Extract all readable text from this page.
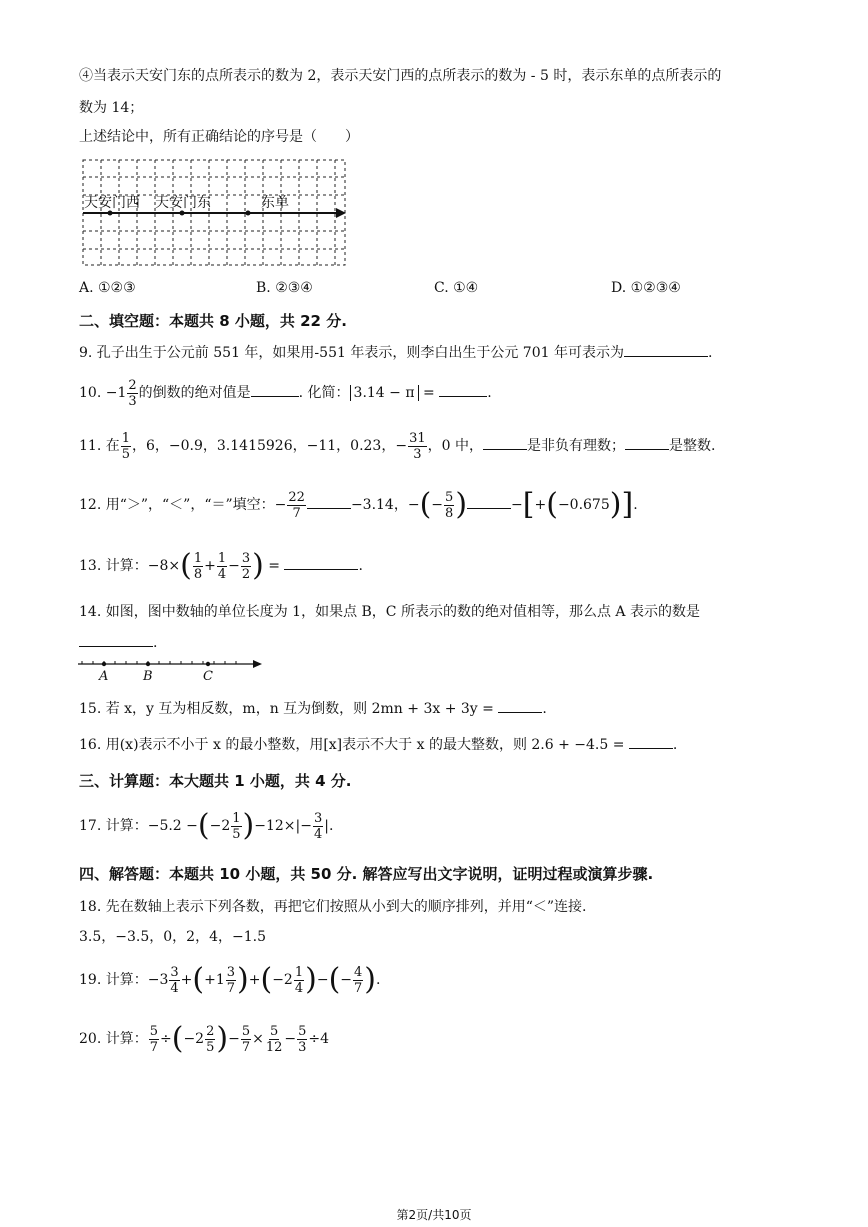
④当表示天安门东的点所表示的数为 2，表示天安门西的点所表示的数为 - 5 时，表示东单的点所表示的
数为 14；
上述结论中，所有正确结论的序号是（　　）
天安门西 天安门东	东单
A. ①②③	B. ②③④	C. ①④	D. ①②③④
二、填空题：本题共 8 小题，共 22 分.
9. 孔子出生于公元前 551 年，如果用-551 年表示，则李白出生于公元 701 年可表示为	.
10. $-1 \frac{2}{3}$ 的倒数的绝对值是	. 化简： 3.14 − π =	.
11. 在 $\frac{1}{5}$ ，6，−0.9，3.1415926，−11，0.23，− $\frac{31}{3}$ ，0 中，	是非负有理数；	是整数.
12. 用“＞”，“＜”，“＝”填空：− $\frac{22}{7}$	−3.14，−(− $\frac{5}{8}$ )	−[+(−0.675)].
13. 计算：$-8\times( \frac{1}{8} + \frac{1}{4} - \frac{3}{2}$ ) =	.
14. 如图，图中数轴的单位长度为 1，如果点 B，C 所表示的数的绝对值相等，那么点 A 表示的数是
.
A	B	C
15. 若 x，y 互为相反数，m，n 互为倒数，则 2mn + 3x + 3y =	.
16. 用(x)表示不小于 x 的最小整数，用[x]表示不大于 x 的最大整数，则 2.6 + −4.5 =	.
三、计算题：本大题共 1 小题，共 4 分.
17. 计算：$-5.2 -(-2 \frac{1}{5} )-12\times|- \frac{3}{4}$ |.
四、解答题：本题共 10 小题，共 50 分. 解答应写出文字说明，证明过程或演算步骤.
18. 先在数轴上表示下列各数，再把它们按照从小到大的顺序排列，并用“＜”连接.
3.5，−3.5，0，2，4，−1.5
19. 计算：$-3 \frac{3}{4} +(+1 \frac{3}{7} )+(-2 \frac{1}{4}$ )−(− $\frac{4}{7}$ ).
20. 计算： $\frac{5}{7} \div(-2 \frac{2}{5}$ )− $\frac{5}{7} \times \frac{5}{12} - \frac{5}{3} \div 4$
第2页/共10页
